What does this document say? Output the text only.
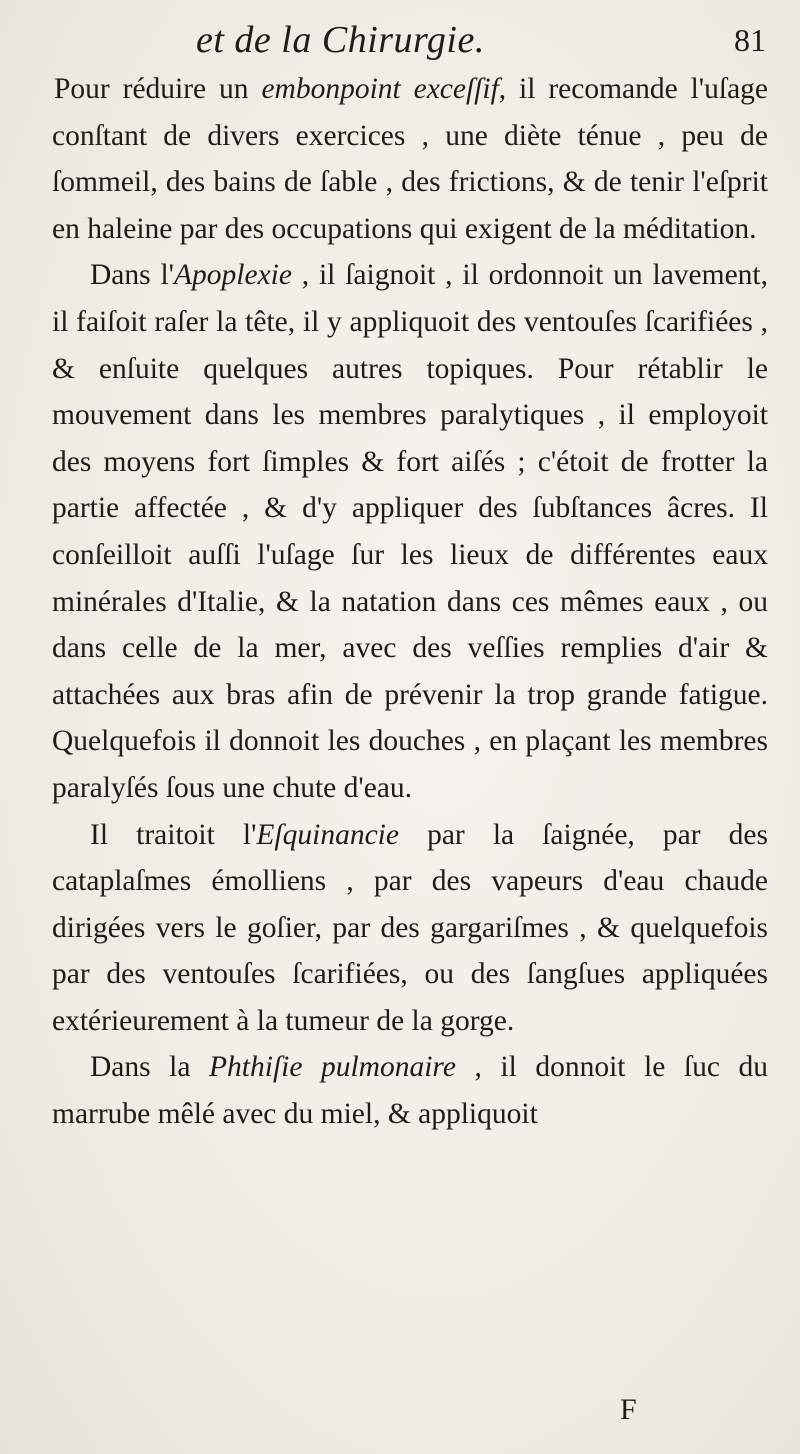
et de la Chirurgie.	81

Pour réduire un embonpoint exceſſif, il recomande l'uſage conſtant de divers exercices , une diète ténue , peu de ſommeil, des bains de ſable , des frictions, & de tenir l'eſprit en haleine par des occupations qui exigent de la méditation.

Dans l'Apoplexie , il ſaignoit , il ordonnoit un lavement, il faiſoit raſer la tête, il y appliquoit des ventouſes ſcarifiées , & enſuite quelques autres topiques. Pour rétablir le mouvement dans les membres paralytiques , il employoit des moyens fort ſimples & fort aiſés ; c'étoit de frotter la partie affectée , & d'y appliquer des ſubſtances âcres. Il conſeilloit auſſi l'uſage ſur les lieux de différentes eaux minérales d'Italie, & la natation dans ces mêmes eaux , ou dans celle de la mer, avec des veſſies remplies d'air & attachées aux bras afin de prévenir la trop grande fatigue. Quelquefois il donnoit les douches , en plaçant les membres paralyſés ſous une chute d'eau.

Il traitoit l'Eſquinancie par la ſaignée, par des cataplaſmes émolliens , par des vapeurs d'eau chaude dirigées vers le goſier, par des gargariſmes , & quelquefois par des ventouſes ſcarifiées, ou des ſangſues appliquées extérieurement à la tumeur de la gorge.

Dans la Phthiſie pulmonaire , il donnoit le ſuc du marrube mêlé avec du miel, & appliquoit

F
